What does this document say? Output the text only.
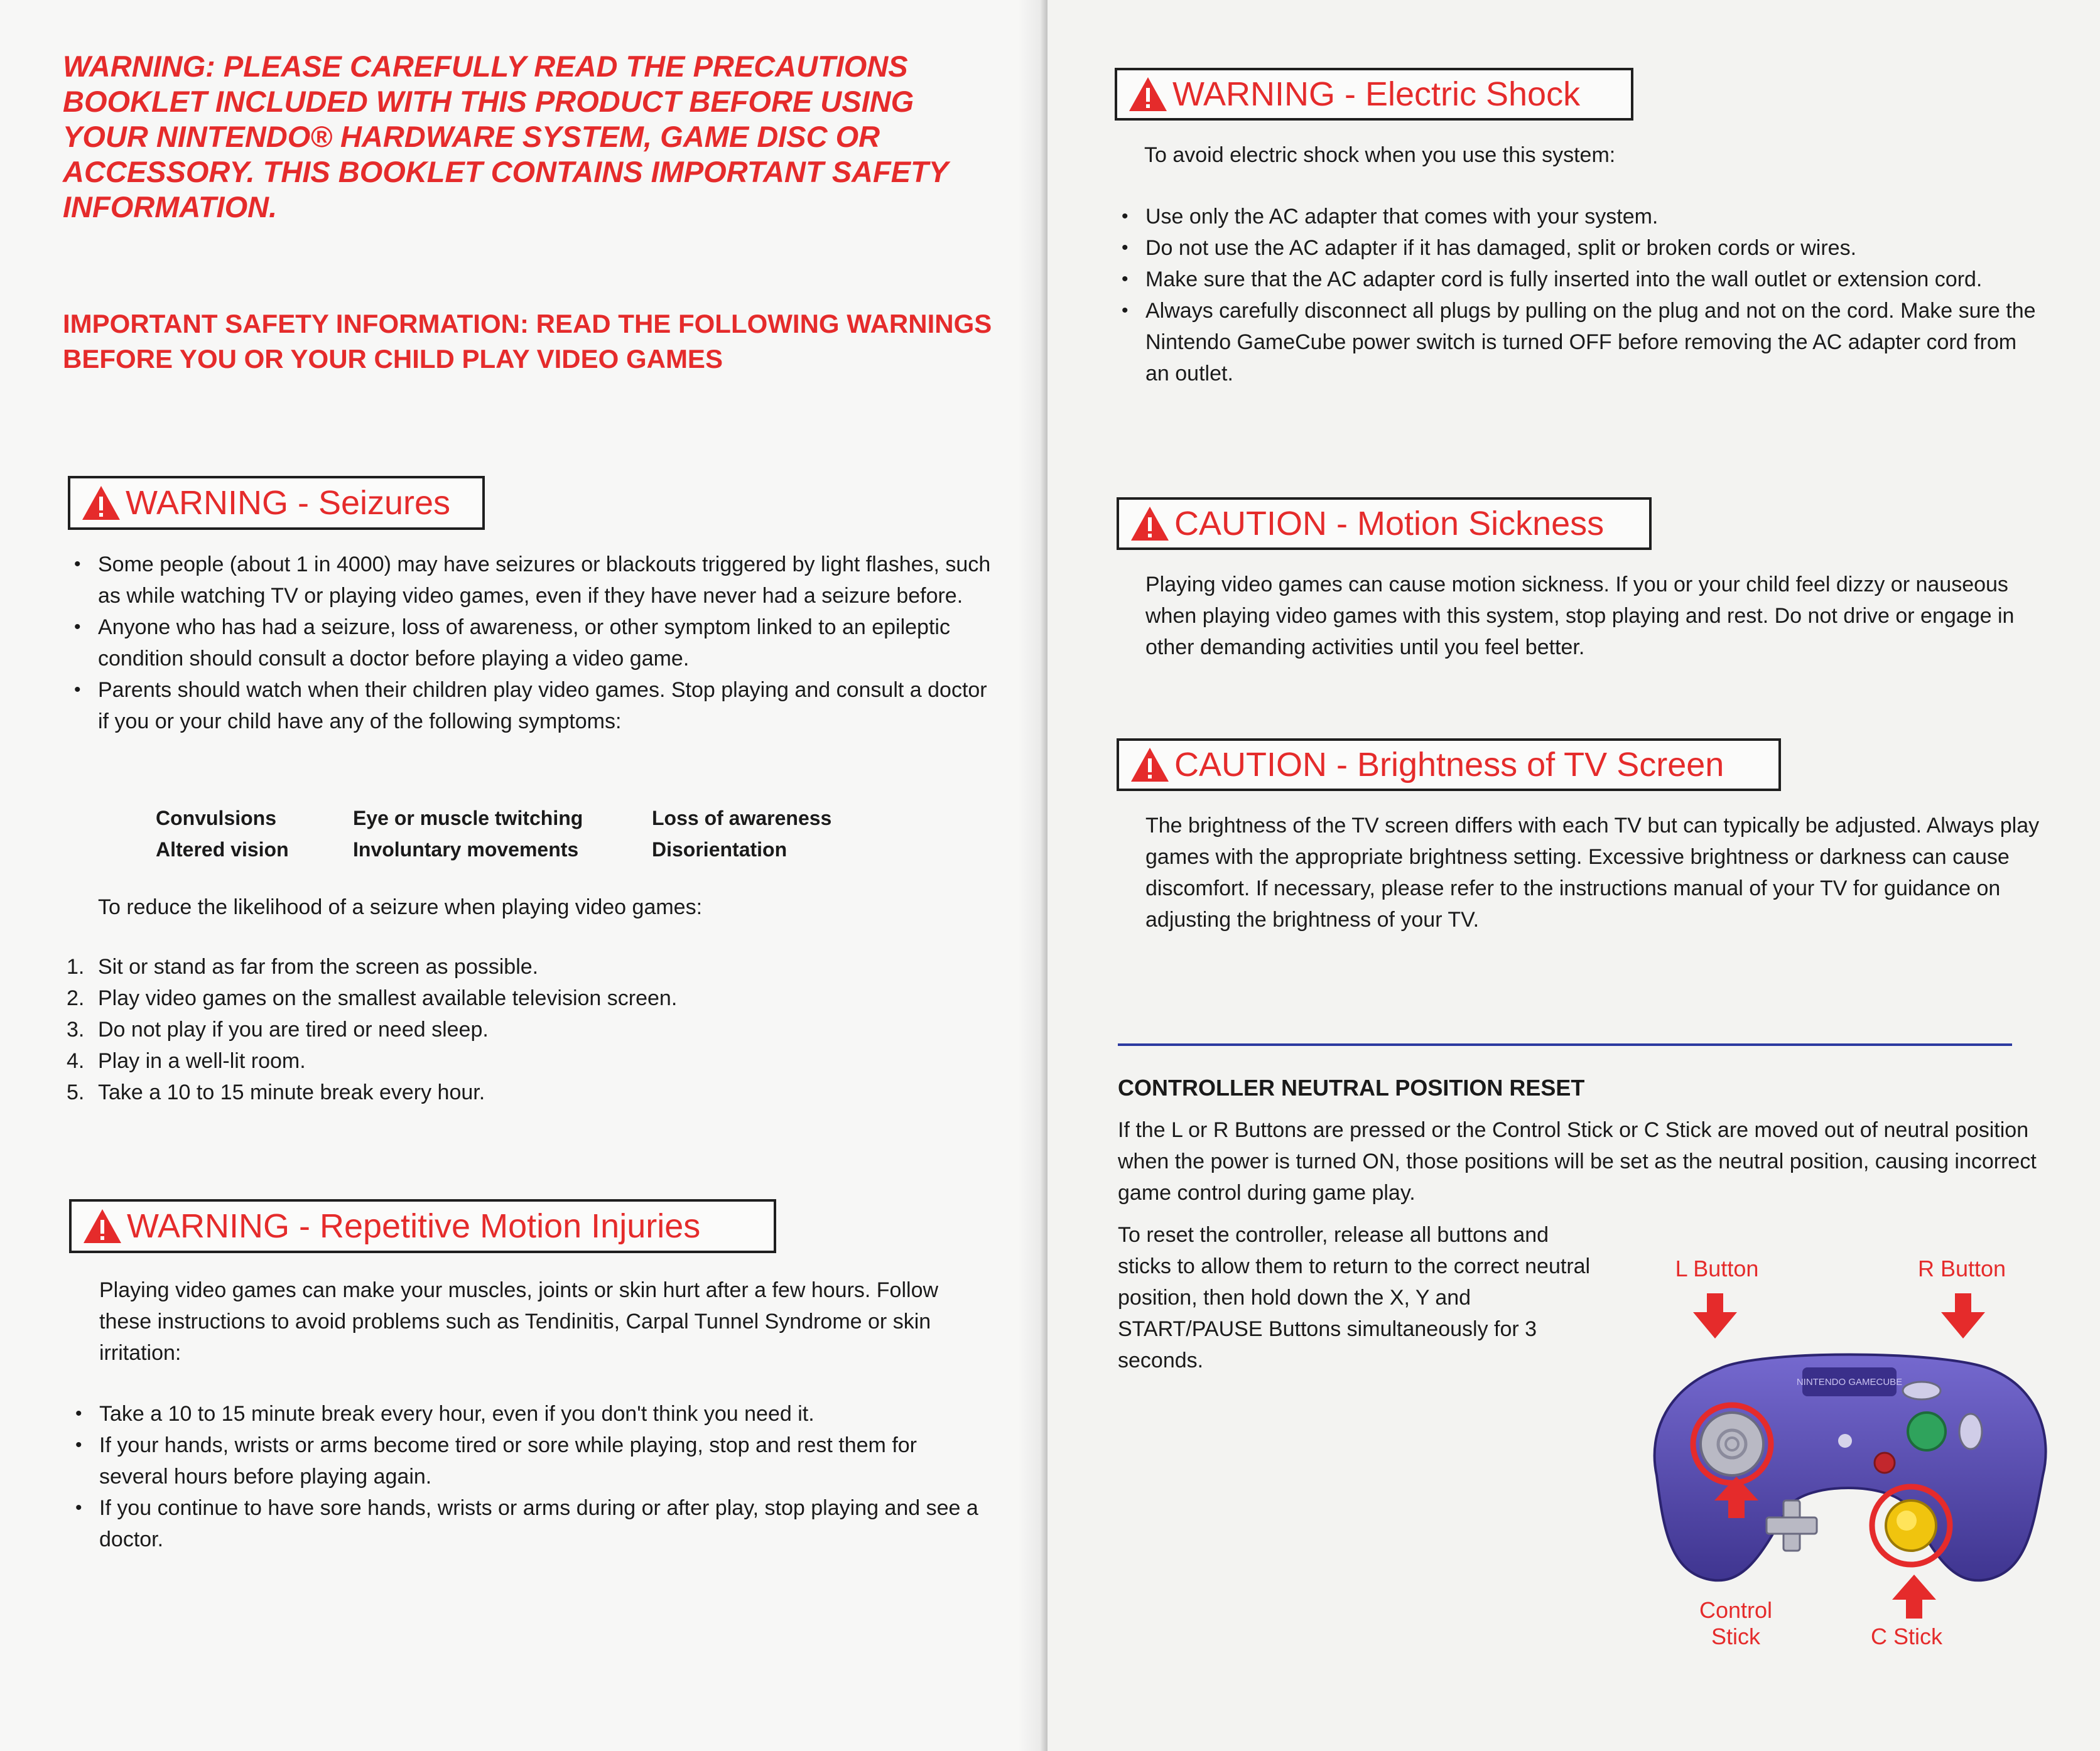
WARNING: PLEASE CAREFULLY READ THE PRECAUTIONS BOOKLET INCLUDED WITH THIS PRODUCT BEFORE USING YOUR NINTENDO® HARDWARE SYSTEM, GAME DISC OR ACCESSORY. THIS BOOKLET CONTAINS IMPORTANT SAFETY INFORMATION.

IMPORTANT SAFETY INFORMATION: READ THE FOLLOWING WARNINGS BEFORE YOU OR YOUR CHILD PLAY VIDEO GAMES

WARNING - Seizures
• Some people (about 1 in 4000) may have seizures or blackouts triggered by light flashes, such as while watching TV or playing video games, even if they have never had a seizure before.
• Anyone who has had a seizure, loss of awareness, or other symptom linked to an epileptic condition should consult a doctor before playing a video game.
• Parents should watch when their children play video games. Stop playing and consult a doctor if you or your child have any of the following symptoms:
Convulsions
Altered vision
Eye or muscle twitching
Involuntary movements
Loss of awareness
Disorientation

To reduce the likelihood of a seizure when playing video games:

1. Sit or stand as far from the screen as possible.
2. Play video games on the smallest available television screen.
3. Do not play if you are tired or need sleep.
4. Play in a well-lit room.
5. Take a 10 to 15 minute break every hour.
WARNING - Repetitive Motion Injuries

Playing video games can make your muscles, joints or skin hurt after a few hours. Follow these instructions to avoid problems such as Tendinitis, Carpal Tunnel Syndrome or skin irritation:

• Take a 10 to 15 minute break every hour, even if you don't think you need it.
• If your hands, wrists or arms become tired or sore while playing, stop and rest them for several hours before playing again.
• If you continue to have sore hands, wrists or arms during or after play, stop playing and see a doctor.
WARNING - Electric Shock

To avoid electric shock when you use this system:

• Use only the AC adapter that comes with your system.
• Do not use the AC adapter if it has damaged, split or broken cords or wires.
• Make sure that the AC adapter cord is fully inserted into the wall outlet or extension cord.
• Always carefully disconnect all plugs by pulling on the plug and not on the cord. Make sure the Nintendo GameCube power switch is turned OFF before removing the AC adapter cord from an outlet.
CAUTION - Motion Sickness

Playing video games can cause motion sickness. If you or your child feel dizzy or nauseous when playing video games with this system, stop playing and rest. Do not drive or engage in other demanding activities until you feel better.

CAUTION - Brightness of TV Screen

The brightness of the TV screen differs with each TV but can typically be adjusted. Always play games with the appropriate brightness setting. Excessive brightness or darkness can cause discomfort. If necessary, please refer to the instructions manual of your TV for guidance on adjusting the brightness of your TV.

CONTROLLER NEUTRAL POSITION RESET

If the L or R Buttons are pressed or the Control Stick or C Stick are moved out of neutral position when the power is turned ON, those positions will be set as the neutral position, causing incorrect game control during game play.

To reset the controller, release all buttons and sticks to allow them to return to the correct neutral position, then hold down the X, Y and START/PAUSE Buttons simultaneously for 3 seconds.

L Button	R Button
Control Stick	C Stick
NINTENDO GAMECUBE
